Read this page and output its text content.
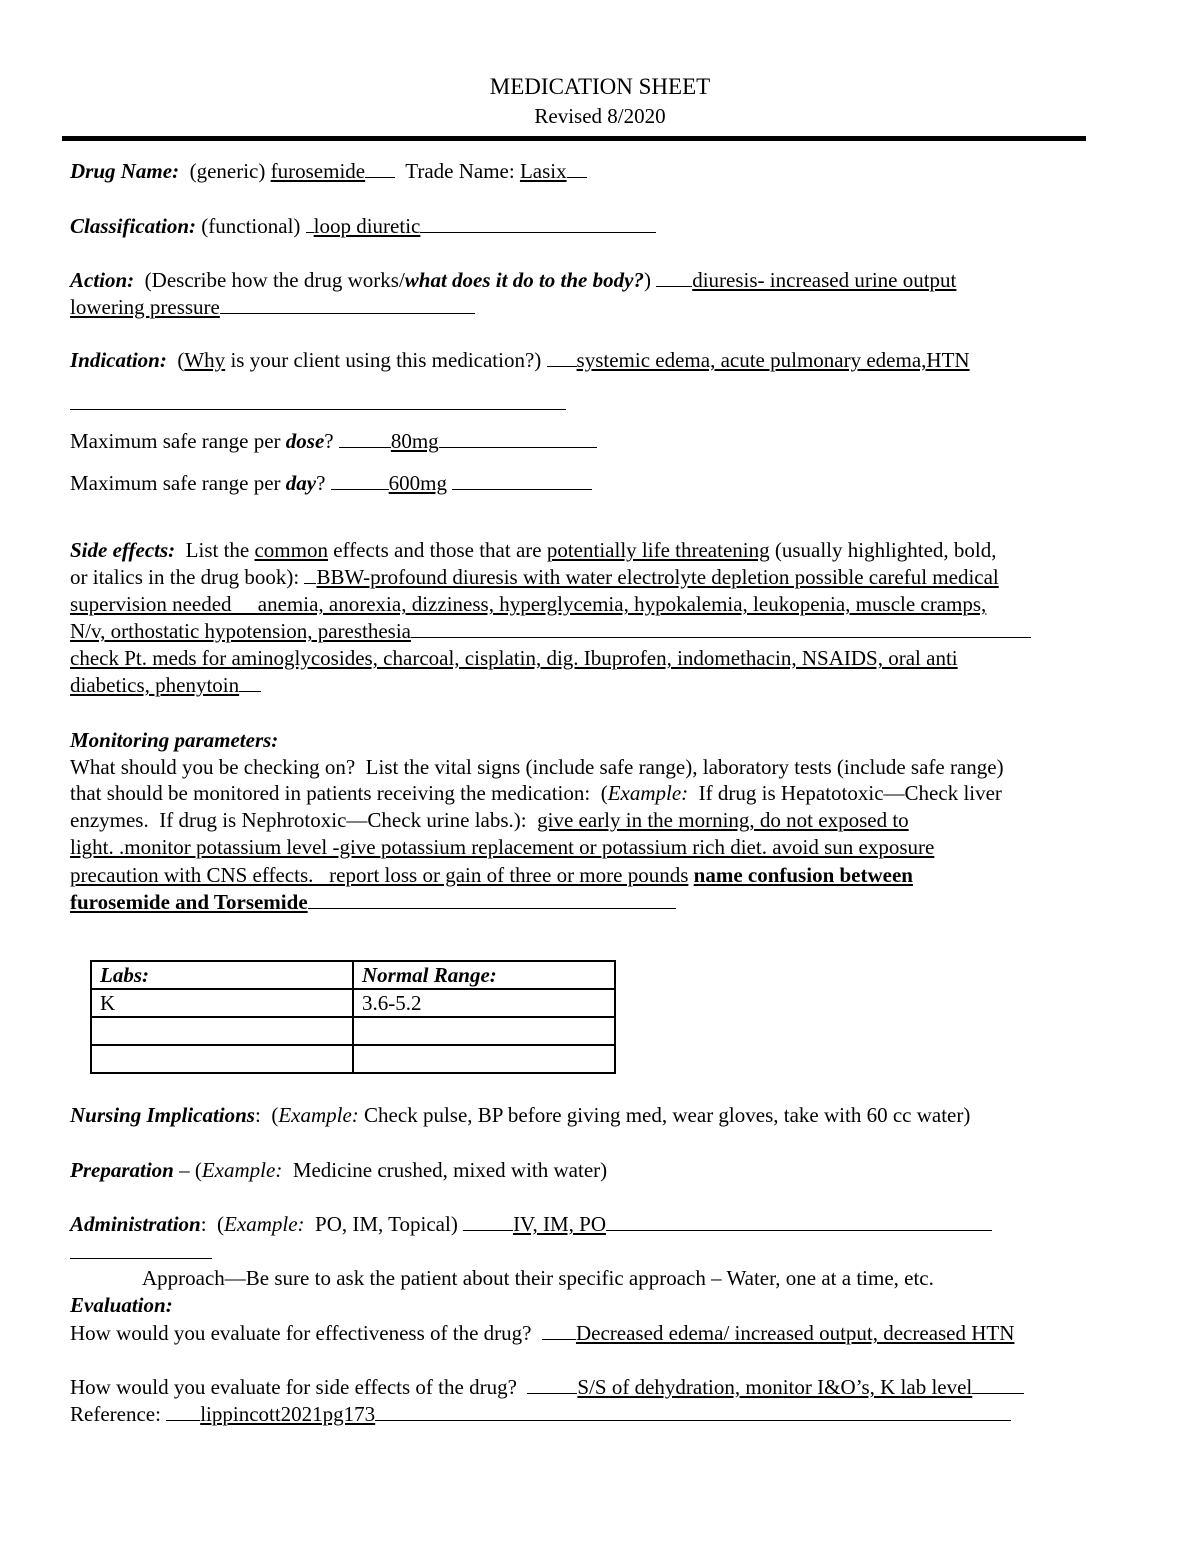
MEDICATION SHEET
Revised 8/2020
Drug Name: (generic) furosemide Trade Name: Lasix
Classification: (functional) loop diuretic
Action: (Describe how the drug works/what does it do to the body?) diuresis- increased urine output
lowering pressure
Indication: (Why is your client using this medication?) systemic edema, acute pulmonary edema,HTN
Maximum safe range per dose?	80mg
Maximum safe range per day?	600mg
Side effects: List the common effects and those that are potentially life threatening (usually highlighted, bold,
or italics in the drug book): BBW-profound diuresis with water electrolyte depletion possible careful medical
supervision needed     anemia, anorexia, dizziness, hyperglycemia, hypokalemia, leukopenia, muscle cramps,
N/v, orthostatic hypotension, paresthesia
check Pt. meds for aminoglycosides, charcoal, cisplatin, dig. Ibuprofen, indomethacin, NSAIDS, oral anti
diabetics, phenytoin
Monitoring parameters:
What should you be checking on?  List the vital signs (include safe range), laboratory tests (include safe range)
that should be monitored in patients receiving the medication:  (Example:  If drug is Hepatotoxic—Check liver
enzymes.  If drug is Nephrotoxic—Check urine labs.): give early in the morning, do not exposed to
light. .monitor potassium level -give potassium replacement or potassium rich diet. avoid sun exposure
precaution with CNS effects.   report loss or gain of three or more pounds name confusion between
furosemide and Torsemide
Labs:	Normal Range:
K	3.6-5.2

Nursing Implications: (Example: Check pulse, BP before giving med, wear gloves, take with 60 cc water)
Preparation – (Example:  Medicine crushed, mixed with water)
Administration:  (Example:  PO, IM, Topical)	IV, IM, PO
Approach—Be sure to ask the patient about their specific approach – Water, one at a time, etc.
Evaluation:
How would you evaluate for effectiveness of the drug? Decreased edema/ increased output, decreased HTN
How would you evaluate for side effects of the drug?	S/S of dehydration, monitor I&O’s, K lab level
Reference: lippincott2021pg173
